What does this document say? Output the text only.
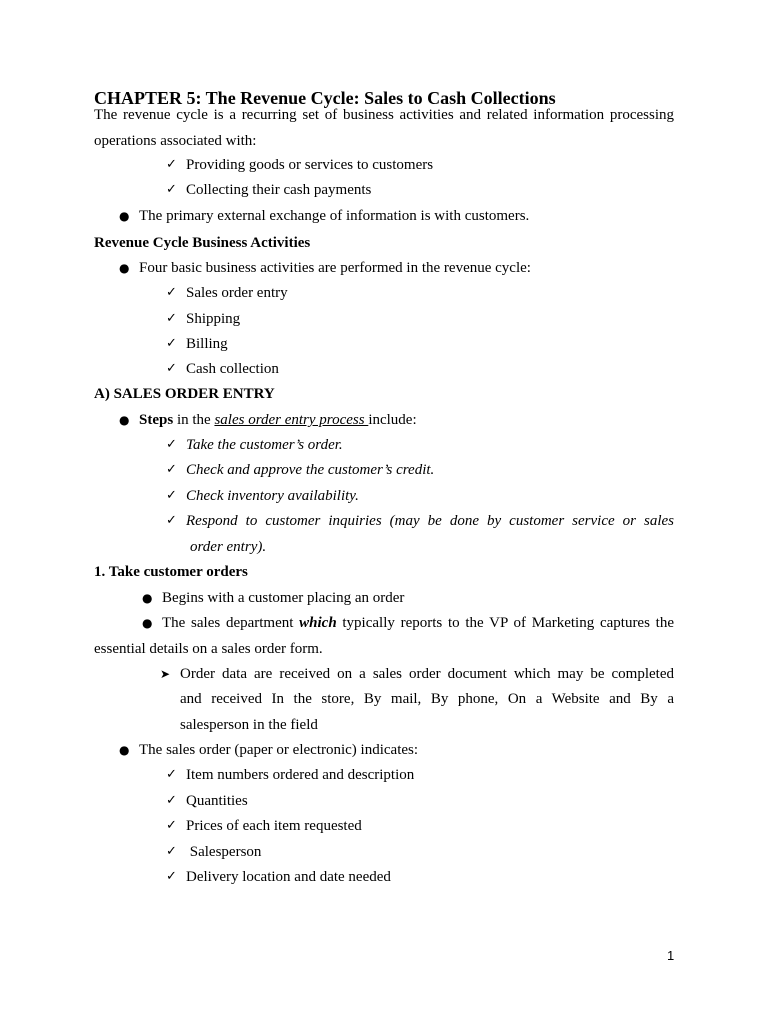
CHAPTER 5: The Revenue Cycle: Sales to Cash Collections
The revenue cycle is a recurring set of business activities and related information processing
operations associated with:
✓ Providing goods or services to customers
✓ Collecting their cash payments
● The primary external exchange of information is with customers.
Revenue Cycle Business Activities
● Four basic business activities are performed in the revenue cycle:
✓ Sales order entry
✓ Shipping
✓ Billing
✓ Cash collection
A) SALES ORDER ENTRY
● Steps in the sales order entry process include:
✓ Take the customer’s order.
✓ Check and approve the customer’s credit.
✓ Check inventory availability.
✓ Respond to customer inquiries (may be done by customer service or sales
order entry).
1. Take customer orders
● Begins with a customer placing an order
● The sales department which typically reports to the VP of Marketing captures the
essential details on a sales order form.
➤ Order data are received on a sales order document which may be completed
and received In the store, By mail, By phone, On a Website and By a
salesperson in the field
● The sales order (paper or electronic) indicates:
✓ Item numbers ordered and description
✓ Quantities
✓ Prices of each item requested
✓ Salesperson
✓ Delivery location and date needed
1
